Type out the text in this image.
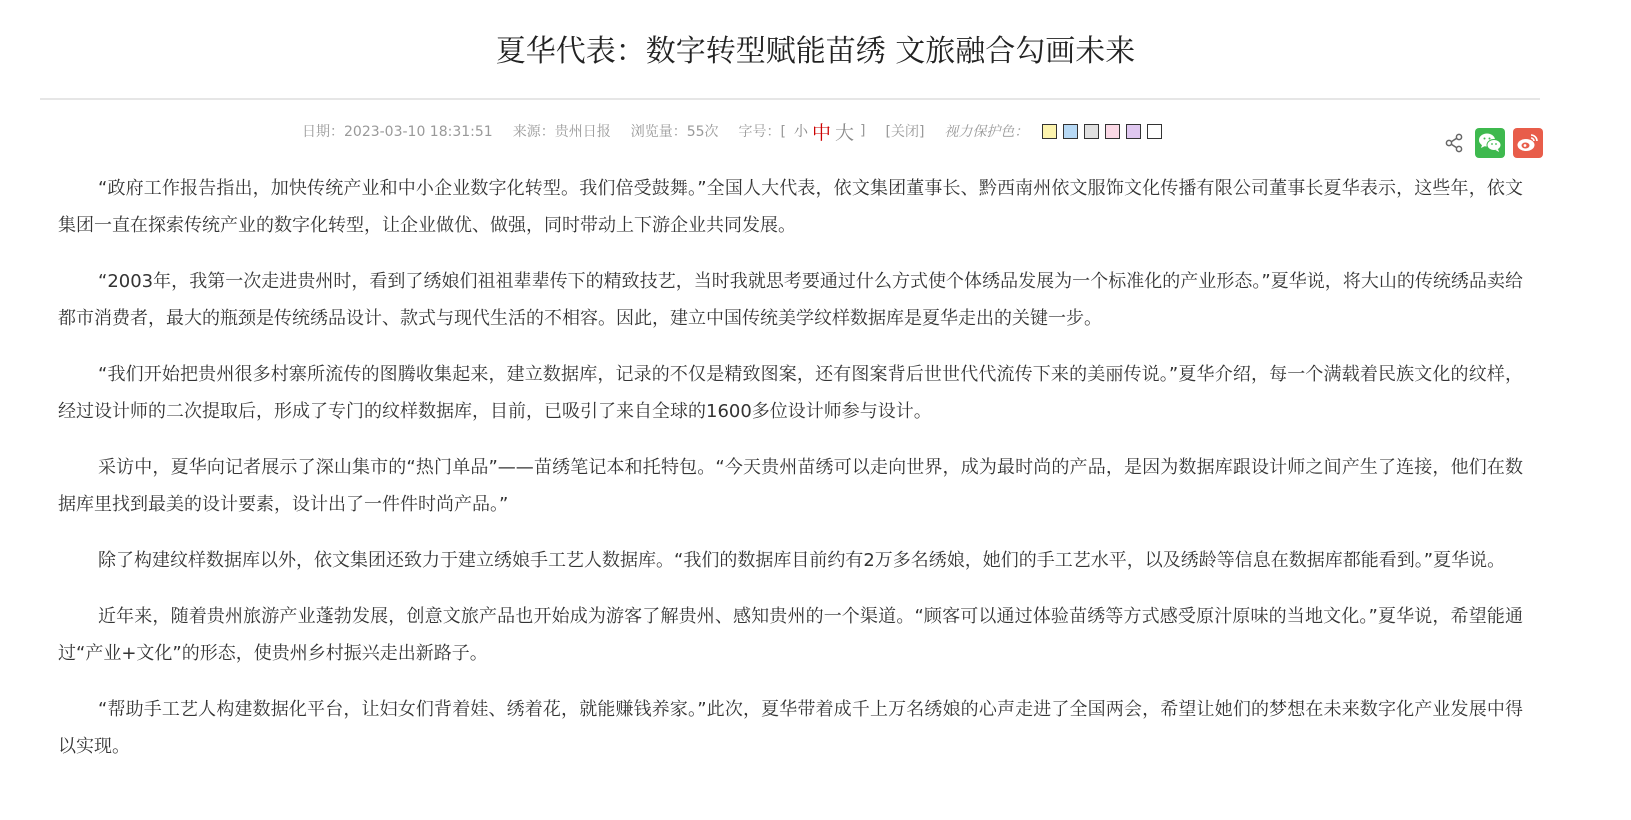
夏华代表：数字转型赋能苗绣 文旅融合勾画未来
日期：2023-03-10 18:31:51 来源：贵州日报 浏览量：55次 字号：[ 小 中 大 ] [关闭] 视力保护色：

“政府工作报告指出，加快传统产业和中小企业数字化转型。我们倍受鼓舞。”全国人大代表，依文集团董事长、黔西南州依文服饰文化传播有限公司董事长夏华表示，这些年，依文集团一直在探索传统产业的数字化转型，让企业做优、做强，同时带动上下游企业共同发展。

“2003年，我第一次走进贵州时，看到了绣娘们祖祖辈辈传下的精致技艺，当时我就思考要通过什么方式使个体绣品发展为一个标准化的产业形态。”夏华说，将大山的传统绣品卖给都市消费者，最大的瓶颈是传统绣品设计、款式与现代生活的不相容。因此，建立中国传统美学纹样数据库是夏华走出的关键一步。

“我们开始把贵州很多村寨所流传的图腾收集起来，建立数据库，记录的不仅是精致图案，还有图案背后世世代代流传下来的美丽传说。”夏华介绍，每一个满载着民族文化的纹样，经过设计师的二次提取后，形成了专门的纹样数据库，目前，已吸引了来自全球的1600多位设计师参与设计。

采访中，夏华向记者展示了深山集市的“热门单品”——苗绣笔记本和托特包。“今天贵州苗绣可以走向世界，成为最时尚的产品，是因为数据库跟设计师之间产生了连接，他们在数据库里找到最美的设计要素，设计出了一件件时尚产品。”

除了构建纹样数据库以外，依文集团还致力于建立绣娘手工艺人数据库。“我们的数据库目前约有2万多名绣娘，她们的手工艺水平，以及绣龄等信息在数据库都能看到。”夏华说。

近年来，随着贵州旅游产业蓬勃发展，创意文旅产品也开始成为游客了解贵州、感知贵州的一个渠道。“顾客可以通过体验苗绣等方式感受原汁原味的当地文化。”夏华说，希望能通过“产业+文化”的形态，使贵州乡村振兴走出新路子。

“帮助手工艺人构建数据化平台，让妇女们背着娃、绣着花，就能赚钱养家。”此次，夏华带着成千上万名绣娘的心声走进了全国两会，希望让她们的梦想在未来数字化产业发展中得以实现。
